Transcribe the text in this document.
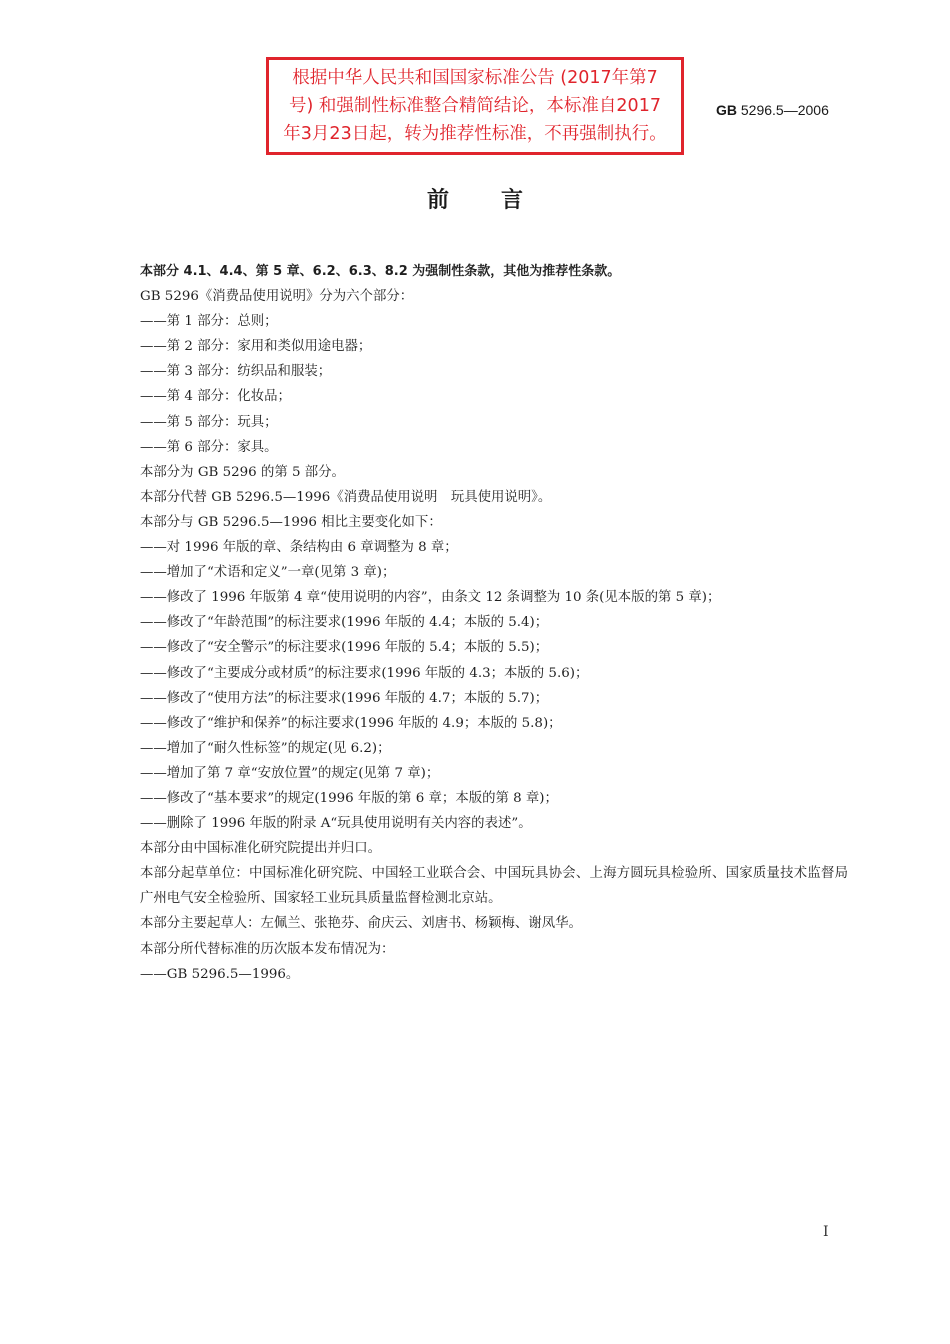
根据中华人民共和国国家标准公告 (2017年第7
号) 和强制性标准整合精简结论，本标准自2017
年3月23日起，转为推荐性标准，不再强制执行。
GB 5296.5—2006
前言
本部分 4.1、4.4、第 5 章、6.2、6.3、8.2 为强制性条款，其他为推荐性条款。
GB 5296《消费品使用说明》分为六个部分：
——第 1 部分：总则；
——第 2 部分：家用和类似用途电器；
——第 3 部分：纺织品和服装；
——第 4 部分：化妆品；
——第 5 部分：玩具；
——第 6 部分：家具。
本部分为 GB 5296 的第 5 部分。
本部分代替 GB 5296.5—1996《消费品使用说明　玩具使用说明》。
本部分与 GB 5296.5—1996 相比主要变化如下：
——对 1996 年版的章、条结构由 6 章调整为 8 章；
——增加了“术语和定义”一章(见第 3 章)；
——修改了 1996 年版第 4 章“使用说明的内容”，由条文 12 条调整为 10 条(见本版的第 5 章)；
——修改了“年龄范围”的标注要求(1996 年版的 4.4；本版的 5.4)；
——修改了“安全警示”的标注要求(1996 年版的 5.4；本版的 5.5)；
——修改了“主要成分或材质”的标注要求(1996 年版的 4.3；本版的 5.6)；
——修改了“使用方法”的标注要求(1996 年版的 4.7；本版的 5.7)；
——修改了“维护和保养”的标注要求(1996 年版的 4.9；本版的 5.8)；
——增加了“耐久性标签”的规定(见 6.2)；
——增加了第 7 章“安放位置”的规定(见第 7 章)；
——修改了“基本要求”的规定(1996 年版的第 6 章；本版的第 8 章)；
——删除了 1996 年版的附录 A“玩具使用说明有关内容的表述”。
本部分由中国标准化研究院提出并归口。
本部分起草单位：中国标准化研究院、中国轻工业联合会、中国玩具协会、上海方圆玩具检验所、国家质量技术监督局广州电气安全检验所、国家轻工业玩具质量监督检测北京站。
本部分主要起草人：左佩兰、张艳芬、俞庆云、刘唐书、杨颖梅、谢凤华。
本部分所代替标准的历次版本发布情况为：
——GB 5296.5—1996。
I
